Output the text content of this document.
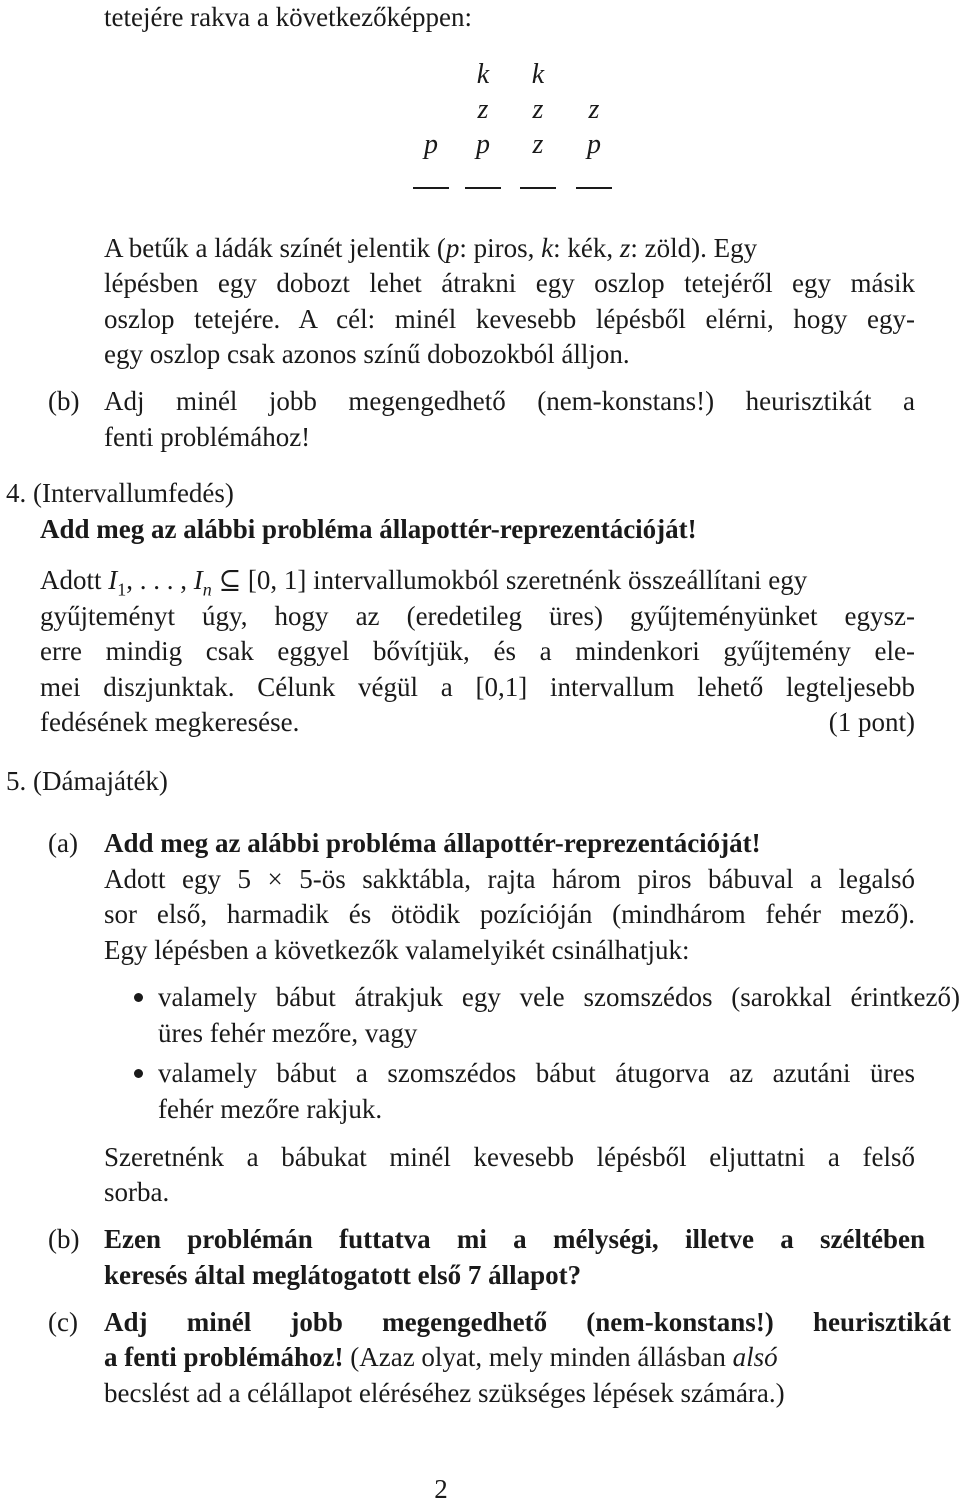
tetejére rakva a következőképpen:
p
k
z
p
k
z
z
z
p
A betűk a ládák színét jelentik (p: piros, k: kék, z: zöld). Egy
lépésben egy dobozt lehet átrakni egy oszlop tetejéről egy másik
oszlop tetejére. A cél: minél kevesebb lépésből elérni, hogy egy-
egy oszlop csak azonos színű dobozokból álljon.
(b) Adj minél jobb megengedhető (nem-konstans!) heurisztikát a
fenti problémához!
4. (Intervallumfedés)
Add meg az alábbi probléma állapottér-reprezentációját!
Adott $I_1$, . . . , $I_n$ ⊆ [0, 1] intervallumokból szeretnénk összeállítani egy
gyűjteményt úgy, hogy az (eredetileg üres) gyűjteményünket egysz-
erre mindig csak eggyel bővítjük, és a mindenkori gyűjtemény ele-
mei diszjunktak. Célunk végül a [0,1] intervallum lehető legteljesebb
fedésének megkeresése.	(1 pont)
5. (Dámajáték)
(a) Add meg az alábbi probléma állapottér-reprezentációját!
Adott egy 5 × 5-ös sakktábla, rajta három piros bábuval a legalsó
sor első, harmadik és ötödik pozícióján (mindhárom fehér mező).
Egy lépésben a következők valamelyikét csinálhatjuk:
valamely bábut átrakjuk egy vele szomszédos (sarokkal érintkező)
üres fehér mezőre, vagy
valamely bábut a szomszédos bábut átugorva az azutáni üres
fehér mezőre rakjuk.
Szeretnénk a bábukat minél kevesebb lépésből eljuttatni a felső
sorba.
(b) Ezen problémán futtatva mi a mélységi, illetve a széltében
keresés által meglátogatott első 7 állapot?
(c) Adj minél jobb megengedhető (nem-konstans!) heurisztikát
a fenti problémához! (Azaz olyat, mely minden állásban alsó
becslést ad a célállapot eléréséhez szükséges lépések számára.)
2
